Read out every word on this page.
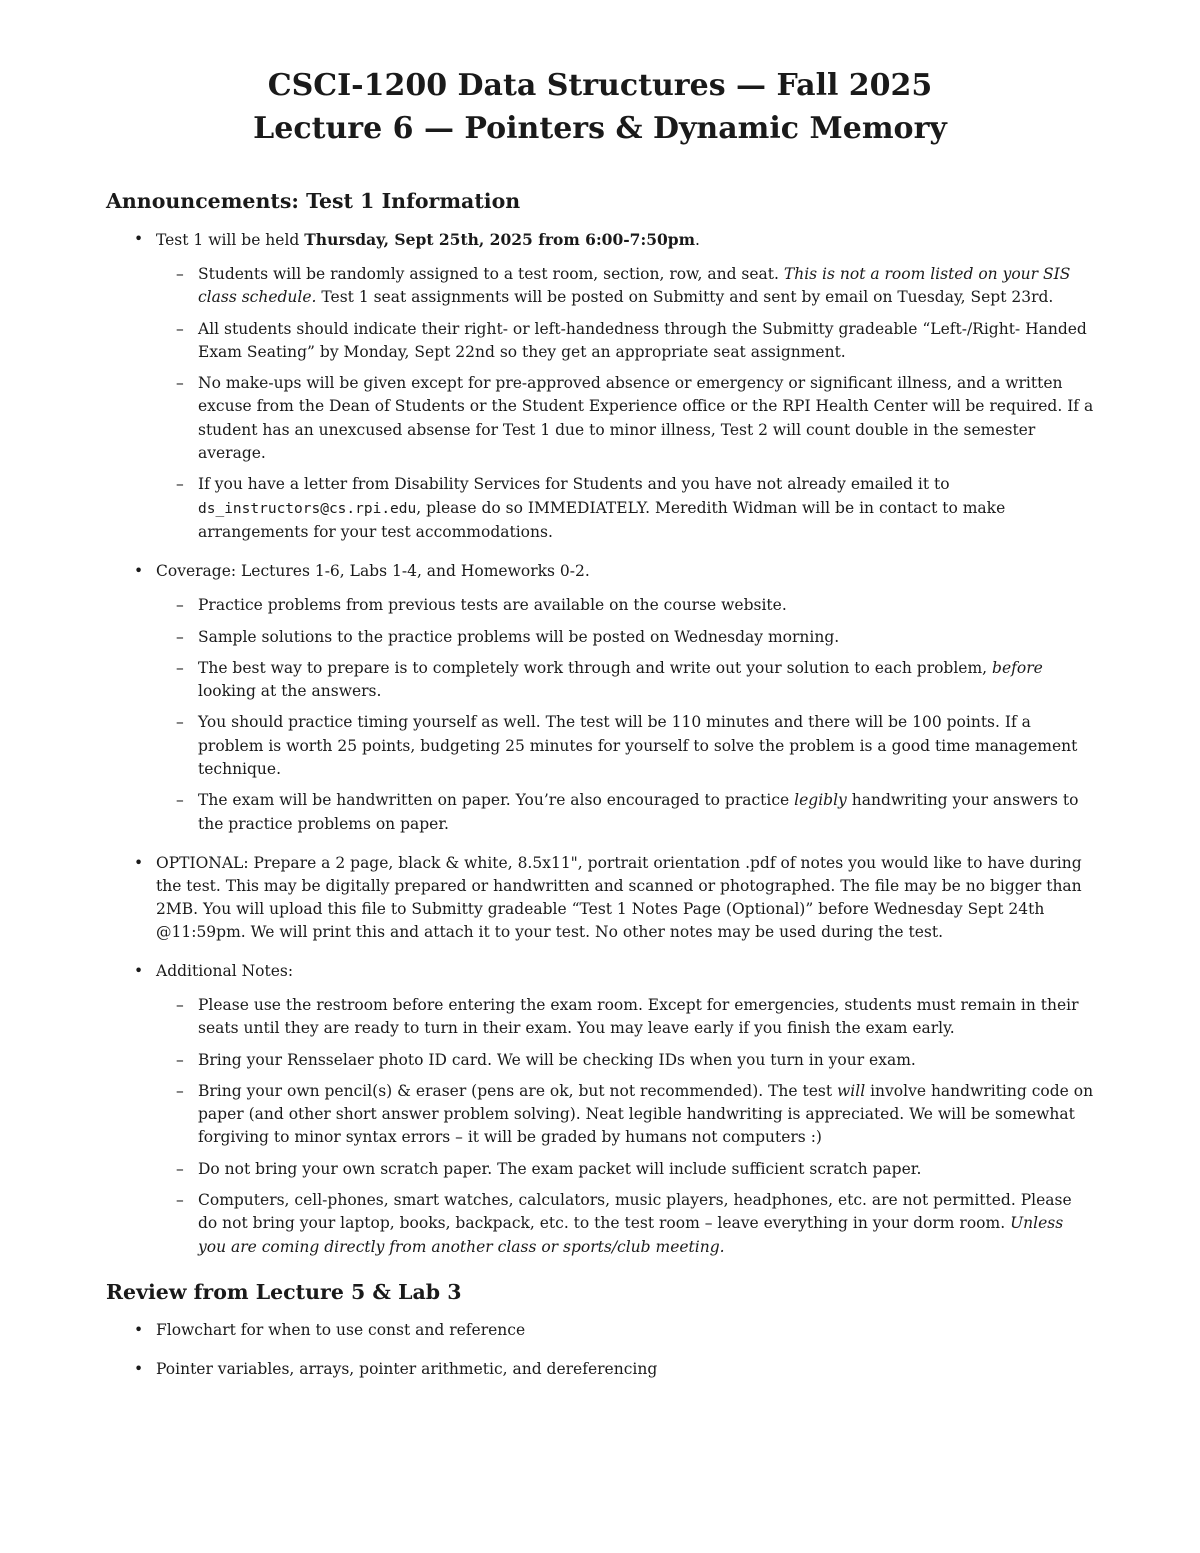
CSCI-1200 Data Structures — Fall 2025
Lecture 6 — Pointers & Dynamic Memory
Announcements: Test 1 Information
• Test 1 will be held Thursday, Sept 25th, 2025 from 6:00-7:50pm.
– Students will be randomly assigned to a test room, section, row, and seat. This is not a room listed on your SIS class schedule. Test 1 seat assignments will be posted on Submitty and sent by email on Tuesday, Sept 23rd.
– All students should indicate their right- or left-handedness through the Submitty gradeable “Left-/Right- Handed Exam Seating” by Monday, Sept 22nd so they get an appropriate seat assignment.
– No make-ups will be given except for pre-approved absence or emergency or significant illness, and a written excuse from the Dean of Students or the Student Experience office or the RPI Health Center will be required. If a student has an unexcused absense for Test 1 due to minor illness, Test 2 will count double in the semester average.
– If you have a letter from Disability Services for Students and you have not already emailed it to ds_instructors@cs.rpi.edu, please do so IMMEDIATELY. Meredith Widman will be in contact to make arrangements for your test accommodations.
• Coverage: Lectures 1-6, Labs 1-4, and Homeworks 0-2.
– Practice problems from previous tests are available on the course website.
– Sample solutions to the practice problems will be posted on Wednesday morning.
– The best way to prepare is to completely work through and write out your solution to each problem, before looking at the answers.
– You should practice timing yourself as well. The test will be 110 minutes and there will be 100 points. If a problem is worth 25 points, budgeting 25 minutes for yourself to solve the problem is a good time management technique.
– The exam will be handwritten on paper. You’re also encouraged to practice legibly handwriting your answers to the practice problems on paper.
• OPTIONAL: Prepare a 2 page, black & white, 8.5x11", portrait orientation .pdf of notes you would like to have during the test. This may be digitally prepared or handwritten and scanned or photographed. The file may be no bigger than 2MB. You will upload this file to Submitty gradeable “Test 1 Notes Page (Optional)” before Wednesday Sept 24th @11:59pm. We will print this and attach it to your test. No other notes may be used during the test.
• Additional Notes:
– Please use the restroom before entering the exam room. Except for emergencies, students must remain in their seats until they are ready to turn in their exam. You may leave early if you finish the exam early.
– Bring your Rensselaer photo ID card. We will be checking IDs when you turn in your exam.
– Bring your own pencil(s) & eraser (pens are ok, but not recommended). The test will involve handwriting code on paper (and other short answer problem solving). Neat legible handwriting is appreciated. We will be somewhat forgiving to minor syntax errors – it will be graded by humans not computers :)
– Do not bring your own scratch paper. The exam packet will include sufficient scratch paper.
– Computers, cell-phones, smart watches, calculators, music players, headphones, etc. are not permitted. Please do not bring your laptop, books, backpack, etc. to the test room – leave everything in your dorm room. Unless you are coming directly from another class or sports/club meeting.
Review from Lecture 5 & Lab 3
• Flowchart for when to use const and reference
• Pointer variables, arrays, pointer arithmetic, and dereferencing
